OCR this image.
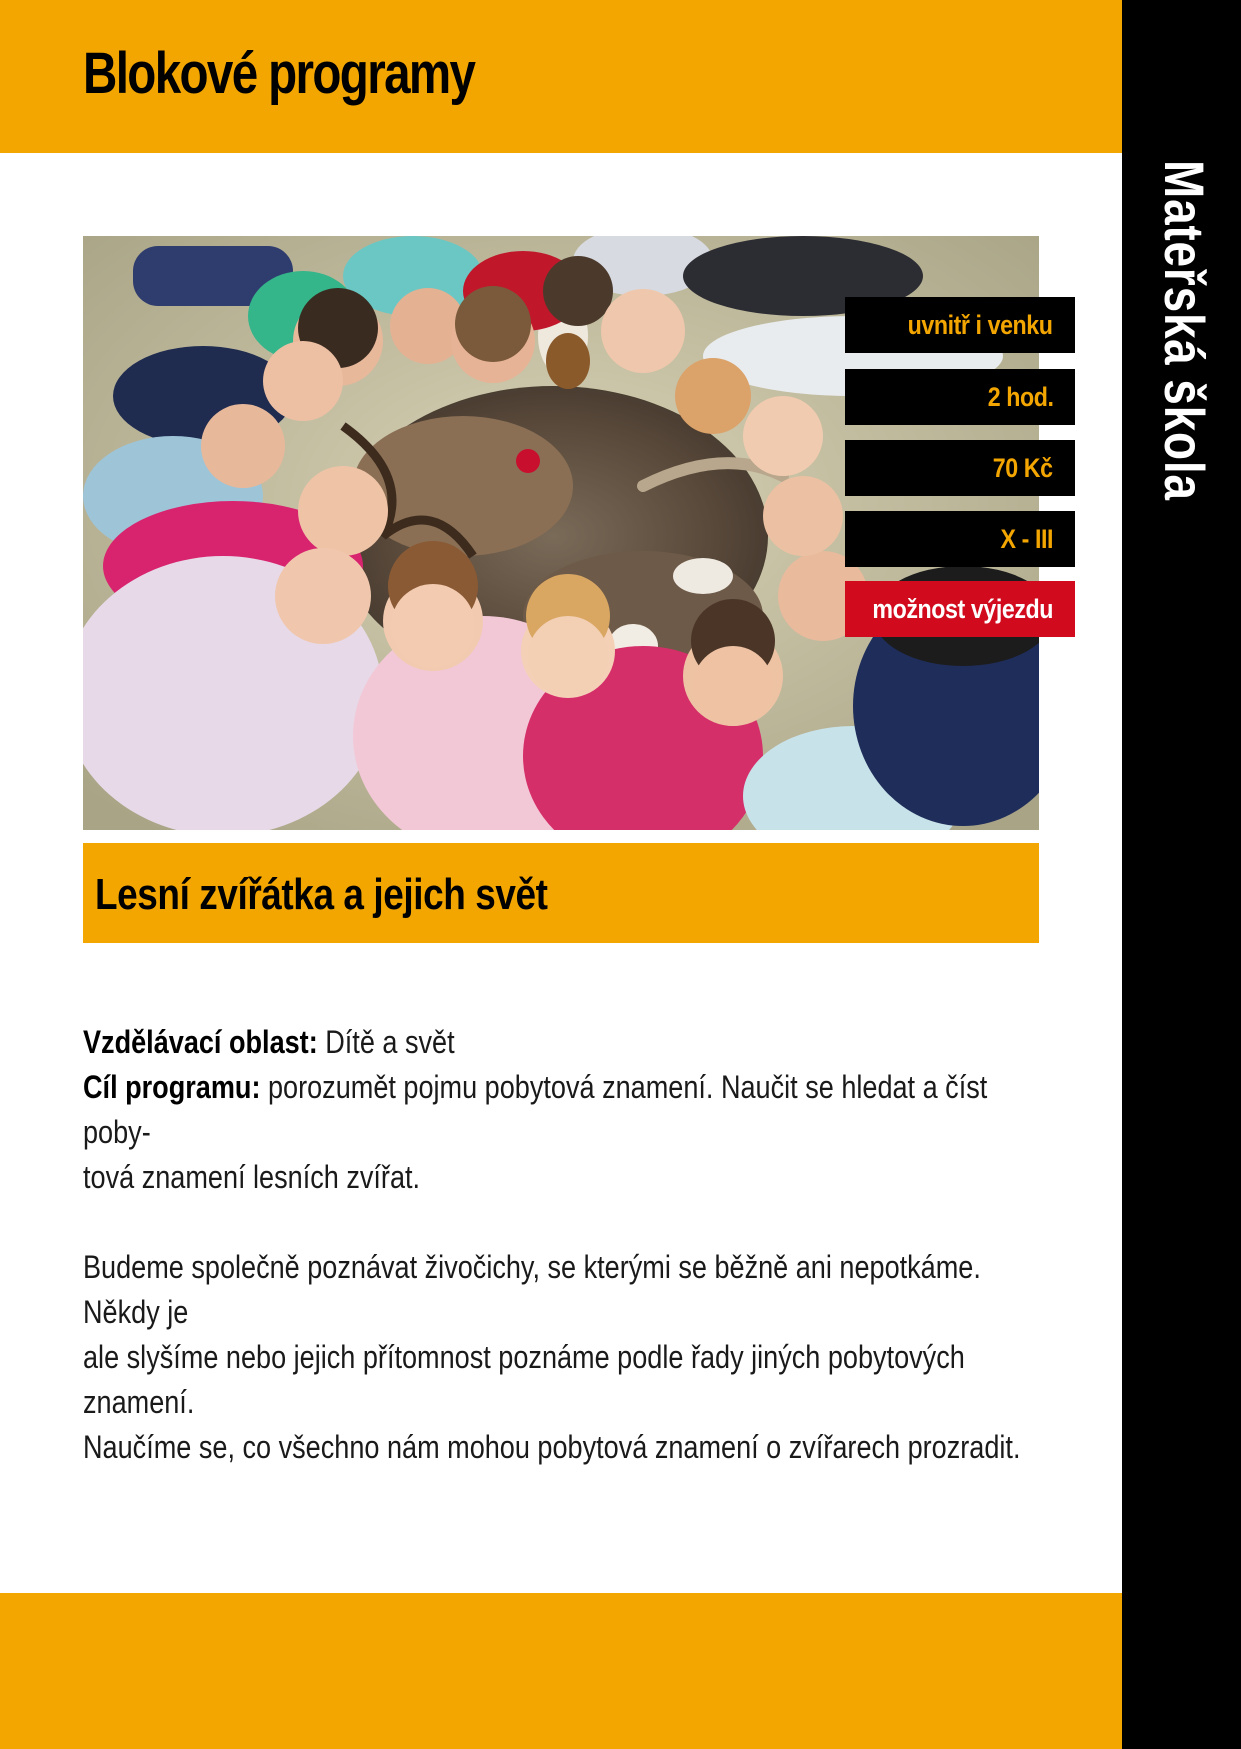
Blokové programy
Mateřská škola
uvnitř i venku
2 hod.
70 Kč
X - III
možnost výjezdu
Lesní zvířátka a jejich svět

Vzdělávací oblast: Dítě a svět

Cíl programu: porozumět pojmu pobytová znamení. Naučit se hledat a číst poby-

tová znamení lesních zvířat.

Budeme společně poznávat živočichy, se kterými se běžně ani nepotkáme. Někdy je

ale slyšíme nebo jejich přítomnost poznáme podle řady jiných pobytových znamení.

Naučíme se, co všechno nám mohou pobytová znamení o zvířarech prozradit.
